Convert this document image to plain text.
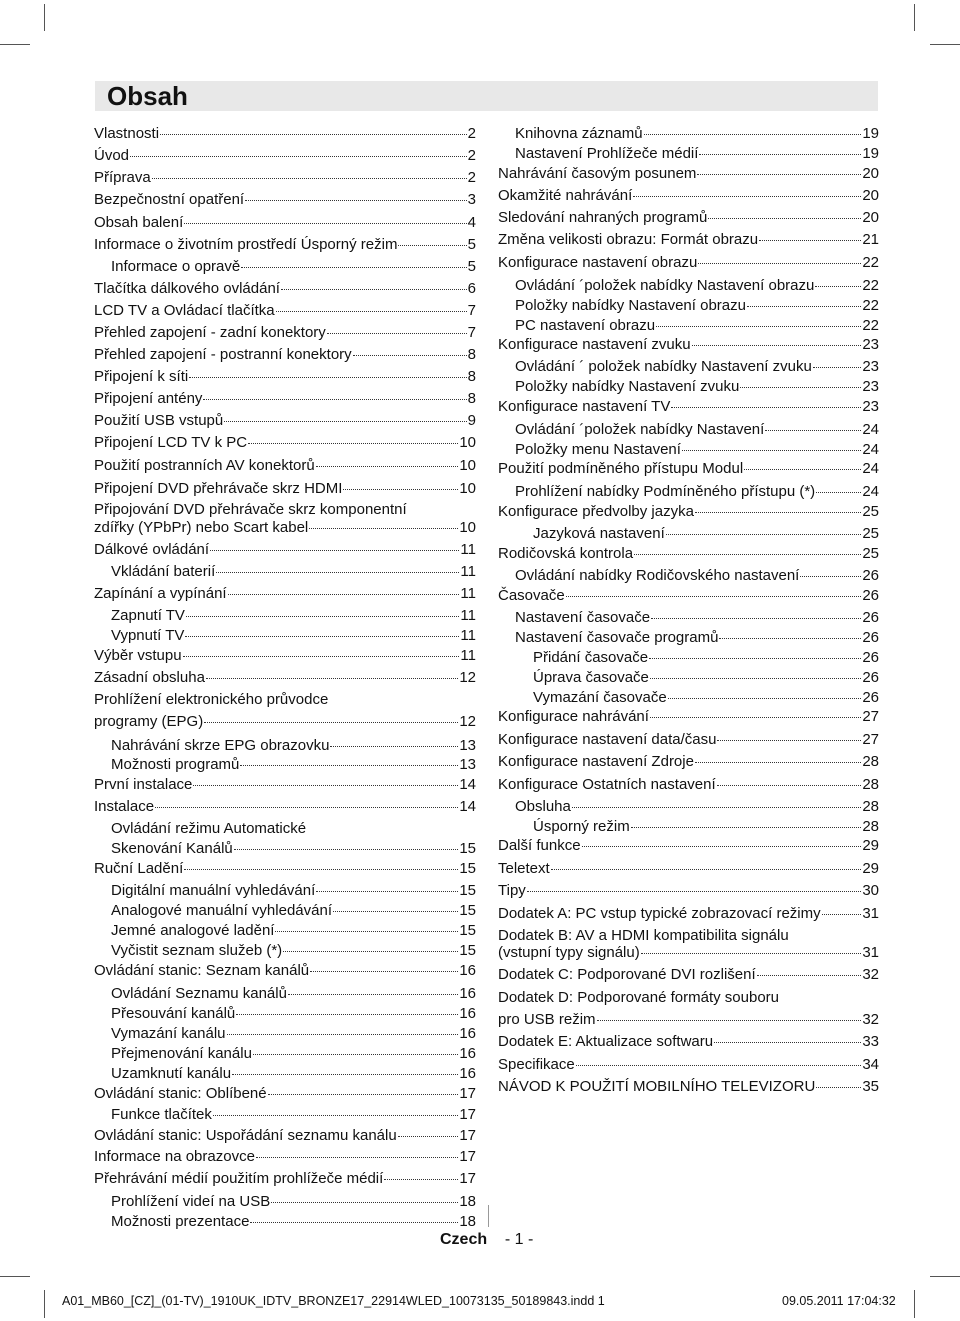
Obsah
Vlastnosti	2
Úvod	2
Příprava	2
Bezpečnostní opatření	3
Obsah balení	4
Informace o životním prostředí Úsporný režim	5
Informace o opravě	5
Tlačítka dálkového ovládání	6
LCD TV a Ovládací tlačítka	7
Přehled zapojení - zadní konektory	7
Přehled zapojení - postranní konektory	8
Připojení k síti	8
Připojení antény	8
Použití USB vstupů	9
Připojení LCD TV k PC	10
Použití postranních AV konektorů	10
Připojení DVD přehrávače skrz HDMI	10
Připojování DVD přehrávače skrz komponentní
zdířky (YPbPr) nebo Scart kabel	10
Dálkové ovládání	11
Vkládání baterií	11
Zapínání a vypínání	11
Zapnutí TV	11
Vypnutí TV	11
Výběr vstupu	11
Zásadní obsluha	12
Prohlížení elektronického průvodce
programy (EPG)	12
Nahrávání skrze EPG obrazovku	13
Možnosti programů	13
První instalace	14
Instalace	14
Ovládání režimu Automatické
Skenování Kanálů	15
Ruční Ladění	15
Digitální manuální vyhledávání	15
Analogové manuální vyhledávání	15
Jemné analogové ladění	15
Vyčistit seznam služeb (*)	15
Ovládání stanic: Seznam kanálů	16
Ovládání Seznamu kanálů	16
Přesouvání kanálů	16
Vymazání kanálu	16
Přejmenování kanálu	16
Uzamknutí kanálu	16
Ovládání stanic: Oblíbené	17
Funkce tlačítek	17
Ovládání stanic: Uspořádání seznamu kanálu	17
Informace na obrazovce	17
Přehrávání médií použitím prohlížeče médií	17
Prohlížení videí na USB	18
Možnosti prezentace	18
Knihovna záznamů	19
Nastavení Prohlížeče médií	19
Nahrávání časovým posunem	20
Okamžité nahrávání	20
Sledování nahraných programů	20
Změna velikosti obrazu: Formát obrazu	21
Konfigurace nastavení obrazu	22
Ovládání ´položek nabídky Nastavení obrazu	22
Položky nabídky Nastavení obrazu	22
PC nastavení obrazu	22
Konfigurace nastavení zvuku	23
Ovládání ´ položek nabídky Nastavení zvuku	23
Položky nabídky Nastavení zvuku	23
Konfigurace nastavení TV	23
Ovládání ´položek nabídky Nastavení	24
Položky menu Nastavení	24
Použití podmíněného přístupu Modul	24
Prohlížení nabídky Podmíněného přístupu (*)	24
Konfigurace předvolby jazyka	25
Jazyková nastavení	25
Rodičovská kontrola	25
Ovládání nabídky Rodičovského nastavení	26
Časovače	26
Nastavení časovače	26
Nastavení časovače programů	26
Přidání časovače	26
Úprava časovače	26
Vymazání časovače	26
Konfigurace nahrávání	27
Konfigurace nastavení data/času	27
Konfigurace nastavení Zdroje	28
Konfigurace Ostatních nastavení	28
Obsluha	28
Úsporný režim	28
Další funkce	29
Teletext	29
Tipy	30
Dodatek A: PC vstup typické zobrazovací režimy	31
Dodatek B: AV a HDMI kompatibilita signálu
(vstupní typy signálu)	31
Dodatek C: Podporované DVI rozlišení	32
Dodatek D: Podporované formáty souboru
pro USB režim	32
Dodatek E: Aktualizace softwaru	33
Specifikace	34
NÁVOD K POUŽITÍ MOBILNÍHO TELEVIZORU	35
Czech - 1 -
A01_MB60_[CZ]_(01-TV)_1910UK_IDTV_BRONZE17_22914WLED_10073135_50189843.indd 1	09.05.2011 17:04:32
